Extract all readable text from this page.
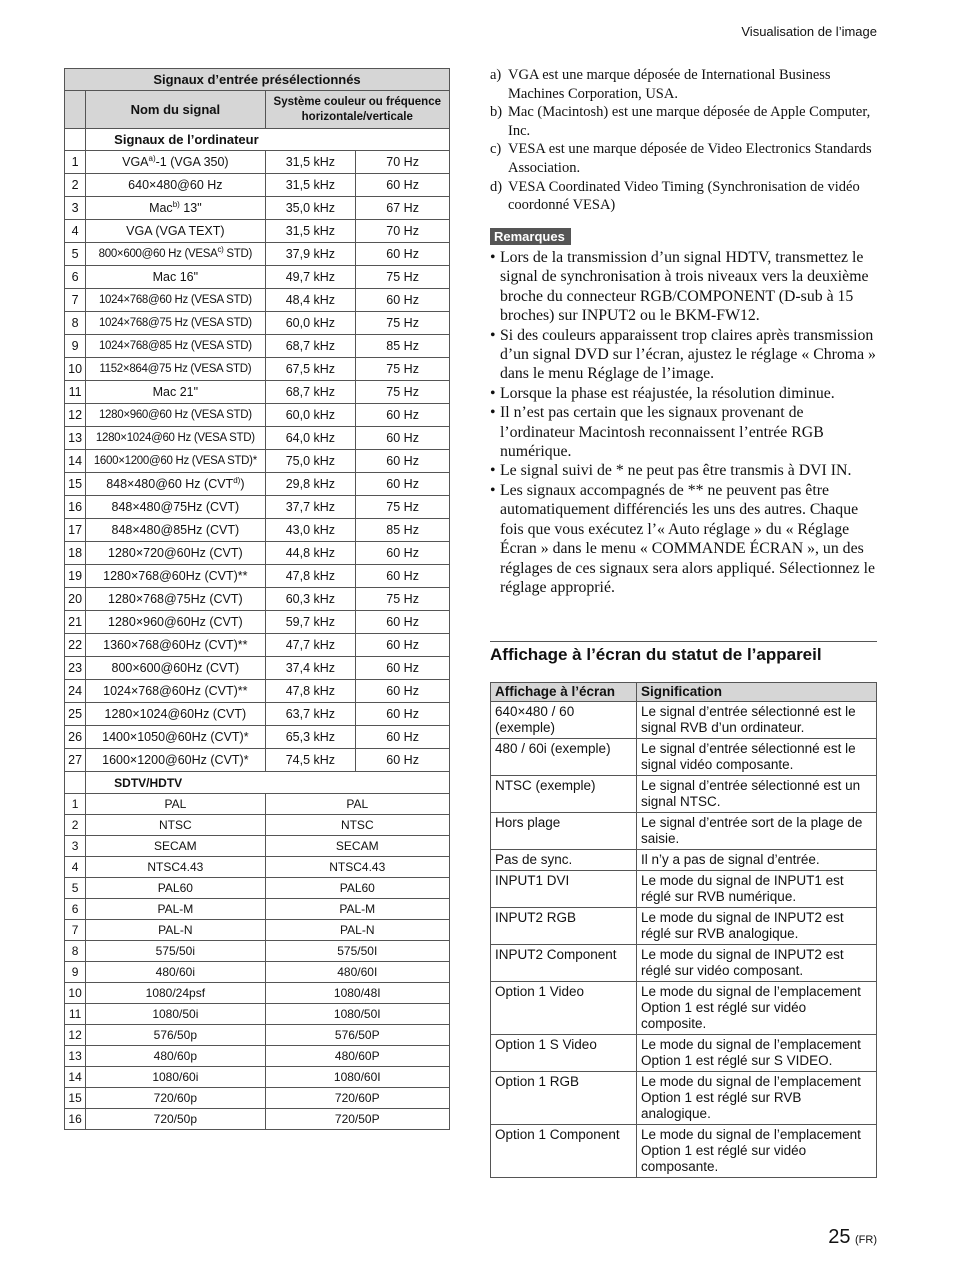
Visualisation de l’image
Signaux d’entrée présélectionnés			
	Nom du signal	Système couleur ou fréquence horizontale/verticale	

	Signaux de l’ordinateur		
1	VGA$^{a)}$-1 (VGA 350)	31,5 kHz	70 Hz
2	640×480@60 Hz	31,5 kHz	60 Hz
3	Mac$^{b)}$ 13"	35,0 kHz	67 Hz
4	VGA (VGA TEXT)	31,5 kHz	70 Hz
5	800×600@60 Hz (VESA$^{c)}$ STD)	37,9 kHz	60 Hz
6	Mac 16"	49,7 kHz	75 Hz
7	1024×768@60 Hz (VESA STD)	48,4 kHz	60 Hz
8	1024×768@75 Hz (VESA STD)	60,0 kHz	75 Hz
9	1024×768@85 Hz (VESA STD)	68,7 kHz	85 Hz
10	1152×864@75 Hz (VESA STD)	67,5 kHz	75 Hz
11	Mac 21"	68,7 kHz	75 Hz
12	1280×960@60 Hz (VESA STD)	60,0 kHz	60 Hz
13	1280×1024@60 Hz (VESA STD)	64,0 kHz	60 Hz
14	1600×1200@60 Hz (VESA STD)*	75,0 kHz	60 Hz
15	848×480@60 Hz (CVT$^{d)}$)	29,8 kHz	60 Hz
16	848×480@75Hz (CVT)	37,7 kHz	75 Hz
17	848×480@85Hz (CVT)	43,0 kHz	85 Hz
18	1280×720@60Hz (CVT)	44,8 kHz	60 Hz
19	1280×768@60Hz (CVT)**	47,8 kHz	60 Hz
20	1280×768@75Hz (CVT)	60,3 kHz	75 Hz
21	1280×960@60Hz (CVT)	59,7 kHz	60 Hz
22	1360×768@60Hz (CVT)**	47,7 kHz	60 Hz
23	800×600@60Hz (CVT)	37,4 kHz	60 Hz
24	1024×768@60Hz (CVT)**	47,8 kHz	60 Hz
25	1280×1024@60Hz (CVT)	63,7 kHz	60 Hz
26	1400×1050@60Hz (CVT)*	65,3 kHz	60 Hz
27	1600×1200@60Hz (CVT)*	74,5 kHz	60 Hz
	SDTV/HDTV		
1	PAL	PAL	
2	NTSC	NTSC	
3	SECAM	SECAM	
4	NTSC4.43	NTSC4.43	
5	PAL60	PAL60	
6	PAL-M	PAL-M	
7	PAL-N	PAL-N	
8	575/50i	575/50I	
9	480/60i	480/60I	
10	1080/24psf	1080/48I	
11	1080/50i	1080/50I	
12	576/50p	576/50P	
13	480/60p	480/60P	
14	1080/60i	1080/60I	
15	720/60p	720/60P	
16	720/50p	720/50P	
a) VGA est une marque déposée de International Business Machines Corporation, USA.
b) Mac (Macintosh) est une marque déposée de Apple Computer, Inc.
c) VESA est une marque déposée de Video Electronics Standards Association.
d) VESA Coordinated Video Timing (Synchronisation de vidéo coordonné VESA)
Remarques
• Lors de la transmission d’un signal HDTV, transmettez le signal de synchronisation à trois niveaux vers la deuxième broche du connecteur RGB/COMPONENT (D-sub à 15 broches) sur INPUT2 ou le BKM-FW12.
• Si des couleurs apparaissent trop claires après transmission d’un signal DVD sur l’écran, ajustez le réglage « Chroma » dans le menu Réglage de l’image.
• Lorsque la phase est réajustée, la résolution diminue.
• Il n’est pas certain que les signaux provenant de l’ordinateur Macintosh reconnaissent l’entrée RGB numérique.
• Le signal suivi de * ne peut pas être transmis à DVI IN.
• Les signaux accompagnés de ** ne peuvent pas être automatiquement différenciés les uns des autres. Chaque fois que vous exécutez l’« Auto réglage » du « Réglage Écran » dans le menu « COMMANDE ÉCRAN », un des réglages de ces signaux sera alors appliqué. Sélectionnez le réglage approprié.
Affichage à l’écran du statut de l’appareil
Affichage à l’écran	Signification
640×480 / 60 (exemple)	Le signal d’entrée sélectionné est le signal RVB d’un ordinateur.
480 / 60i (exemple)	Le signal d’entrée sélectionné est le signal vidéo composante.
NTSC (exemple)	Le signal d’entrée sélectionné est un signal NTSC.
Hors plage	Le signal d’entrée sort de la plage de saisie.
Pas de sync.	Il n’y a pas de signal d’entrée.
INPUT1 DVI	Le mode du signal de INPUT1 est réglé sur RVB numérique.
INPUT2 RGB	Le mode du signal de INPUT2 est réglé sur RVB analogique.
INPUT2 Component	Le mode du signal de INPUT2 est réglé sur vidéo composant.
Option 1 Video	Le mode du signal de l’emplacement Option 1 est réglé sur vidéo composite.
Option 1 S Video	Le mode du signal de l’emplacement Option 1 est réglé sur S VIDEO.
Option 1 RGB	Le mode du signal de l’emplacement Option 1 est réglé sur RVB analogique.
Option 1 Component	Le mode du signal de l’emplacement Option 1 est réglé sur vidéo composante.
25 (FR)
